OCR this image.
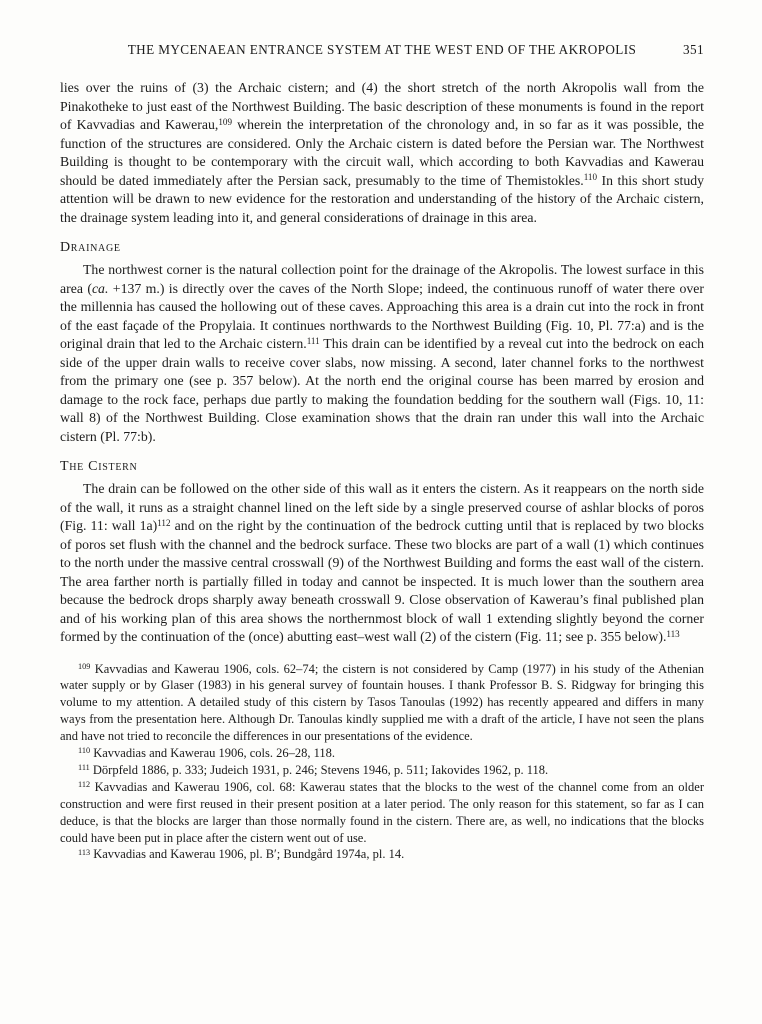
THE MYCENAEAN ENTRANCE SYSTEM AT THE WEST END OF THE AKROPOLIS	351

lies over the ruins of (3) the Archaic cistern; and (4) the short stretch of the north Akropolis wall from the Pinakotheke to just east of the Northwest Building. The basic description of these monuments is found in the report of Kavvadias and Kawerau,$^{109}$ wherein the interpretation of the chronology and, in so far as it was possible, the function of the structures are considered. Only the Archaic cistern is dated before the Persian war. The Northwest Building is thought to be contemporary with the circuit wall, which according to both Kavvadias and Kawerau should be dated immediately after the Persian sack, presumably to the time of Themistokles.$^{110}$ In this short study attention will be drawn to new evidence for the restoration and understanding of the history of the Archaic cistern, the drainage system leading into it, and general considerations of drainage in this area.

Drainage

The northwest corner is the natural collection point for the drainage of the Akropolis. The lowest surface in this area (ca. +137 m.) is directly over the caves of the North Slope; indeed, the continuous runoff of water there over the millennia has caused the hollowing out of these caves. Approaching this area is a drain cut into the rock in front of the east façade of the Propylaia. It continues northwards to the Northwest Building (Fig. 10, Pl. 77:a) and is the original drain that led to the Archaic cistern.$^{111}$ This drain can be identified by a reveal cut into the bedrock on each side of the upper drain walls to receive cover slabs, now missing. A second, later channel forks to the northwest from the primary one (see p. 357 below). At the north end the original course has been marred by erosion and damage to the rock face, perhaps due partly to making the foundation bedding for the southern wall (Figs. 10, 11: wall 8) of the Northwest Building. Close examination shows that the drain ran under this wall into the Archaic cistern (Pl. 77:b).

The Cistern

The drain can be followed on the other side of this wall as it enters the cistern. As it reappears on the north side of the wall, it runs as a straight channel lined on the left side by a single preserved course of ashlar blocks of poros (Fig. 11: wall 1a)$^{112}$ and on the right by the continuation of the bedrock cutting until that is replaced by two blocks of poros set flush with the channel and the bedrock surface. These two blocks are part of a wall (1) which continues to the north under the massive central crosswall (9) of the Northwest Building and forms the east wall of the cistern. The area farther north is partially filled in today and cannot be inspected. It is much lower than the southern area because the bedrock drops sharply away beneath crosswall 9. Close observation of Kawerau’s final published plan and of his working plan of this area shows the northernmost block of wall 1 extending slightly beyond the corner formed by the continuation of the (once) abutting east–west wall (2) of the cistern (Fig. 11; see p. 355 below).$^{113}$

$^{109}$ Kavvadias and Kawerau 1906, cols. 62–74; the cistern is not considered by Camp (1977) in his study of the Athenian water supply or by Glaser (1983) in his general survey of fountain houses. I thank Professor B. S. Ridgway for bringing this volume to my attention. A detailed study of this cistern by Tasos Tanoulas (1992) has recently appeared and differs in many ways from the presentation here. Although Dr. Tanoulas kindly supplied me with a draft of the article, I have not seen the plans and have not tried to reconcile the differences in our presentations of the evidence.

$^{110}$ Kavvadias and Kawerau 1906, cols. 26–28, 118.

$^{111}$ Dörpfeld 1886, p. 333; Judeich 1931, p. 246; Stevens 1946, p. 511; Iakovides 1962, p. 118.

$^{112}$ Kavvadias and Kawerau 1906, col. 68: Kawerau states that the blocks to the west of the channel come from an older construction and were first reused in their present position at a later period. The only reason for this statement, so far as I can deduce, is that the blocks are larger than those normally found in the cistern. There are, as well, no indications that the blocks could have been put in place after the cistern went out of use.

$^{113}$ Kavvadias and Kawerau 1906, pl. B′; Bundgård 1974a, pl. 14.
